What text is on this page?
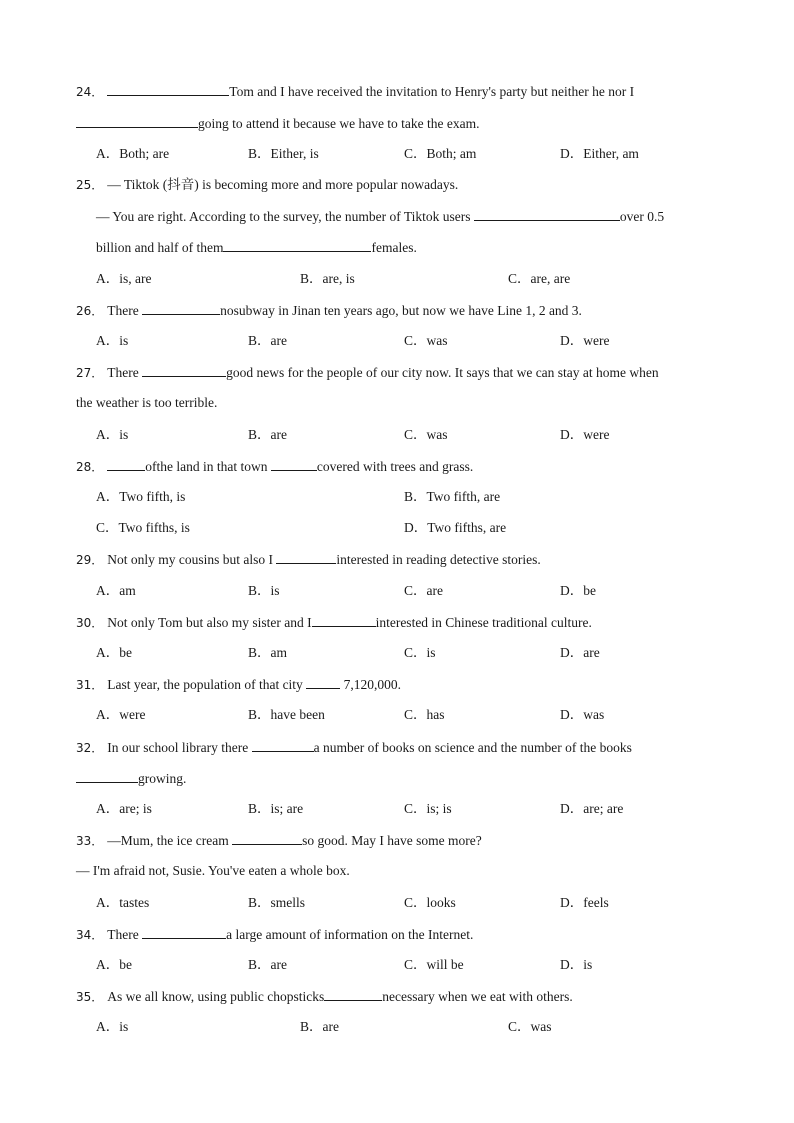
24．	Tom and I have received the invitation to Henry's party but neither he nor I
going to attend it because we have to take the exam.
A．Both; are	B．Either, is	C．Both; am	D．Either, am
25． — Tiktok (抖音) is becoming more and more popular nowadays.
— You are right. According to the survey, the number of Tiktok users	over 0.5
billion and half of them	females.
A．is, are	B．are, is	C．are, are
26． There	nosubway in Jinan ten years ago, but now we have Line 1, 2 and 3.
A．is	B．are	C．was	D．were
27． There	good news for the people of our city now. It says that we can stay at home when
the weather is too terrible.
A．is	B．are	C．was	D．were
28．	ofthe land in that town	covered with trees and grass.
A．Two fifth, is	B．Two fifth, are
C．Two fifths, is	D．Two fifths, are
29． Not only my cousins but also I	interested in reading detective stories.
A．am	B．is	C．are	D．be
30． Not only Tom but also my sister and I	interested in Chinese traditional culture.
A．be	B．am	C．is	D．are
31． Last year, the population of that city	7,120,000.
A．were	B．have been	C．has	D．was
32． In our school library there	a number of books on science and the number of the books
growing.
A．are; is	B．is; are	C．is; is	D．are; are
33． —Mum, the ice cream	so good. May I have some more?
— I'm afraid not, Susie. You've eaten a whole box.
A．tastes	B．smells	C．looks	D．feels
34． There	a large amount of information on the Internet.
A．be	B．are	C．will be	D．is
35． As we all know, using public chopsticks	necessary when we eat with others.
A．is	B．are	C．was
